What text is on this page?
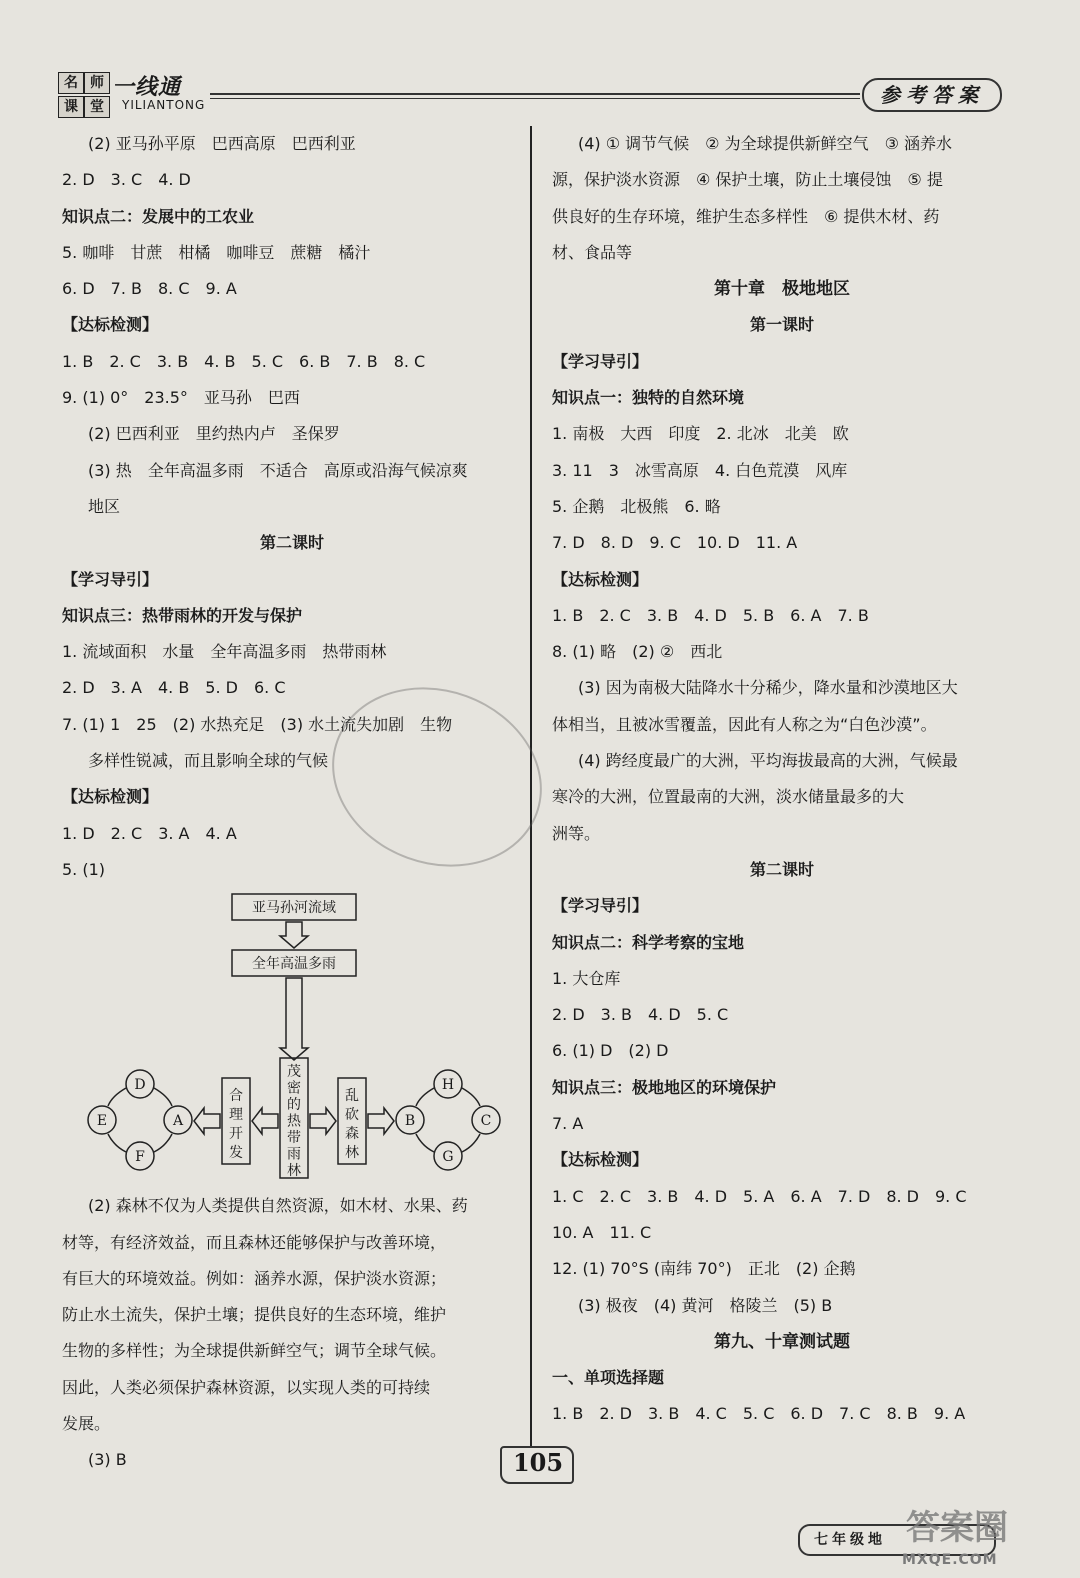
名 师
课 堂
一线通
YILIANTONG	参考答案
(2) 亚马孙平原　巴西高原　巴西利亚
2. D　3. C　4. D
知识点二：发展中的工农业
5. 咖啡　甘蔗　柑橘　咖啡豆　蔗糖　橘汁
6. D　7. B　8. C　9. A
【达标检测】
1. B　2. C　3. B　4. B　5. C　6. B　7. B　8. C
9. (1) 0°　23.5°　亚马孙　巴西
(2) 巴西利亚　里约热内卢　圣保罗
(3) 热　全年高温多雨　不适合　高原或沿海气候凉爽
地区
第二课时
【学习导引】
知识点三：热带雨林的开发与保护
1. 流域面积　水量　全年高温多雨　热带雨林
2. D　3. A　4. B　5. D　6. C
7. (1) 1　25　(2) 水热充足　(3) 水土流失加剧　生物
多样性锐减，而且影响全球的气候
【达标检测】
1. D　2. C　3. A　4. A
5. (1)
亚马孙河流域
全年高温多雨
D
E	A
F
H
B	C
G
茂
密
的
热
带
雨
林
合
理
开
发
乱
砍
森
林
(2) 森林不仅为人类提供自然资源，如木材、水果、药
材等，有经济效益，而且森林还能够保护与改善环境，
有巨大的环境效益。例如：涵养水源，保护淡水资源；
防止水土流失，保护土壤；提供良好的生态环境，维护
生物的多样性；为全球提供新鲜空气；调节全球气候。
因此，人类必须保护森林资源，以实现人类的可持续
发展。
(3) B
(4) ① 调节气候　② 为全球提供新鲜空气　③ 涵养水
源，保护淡水资源　④ 保护土壤，防止土壤侵蚀　⑤ 提
供良好的生存环境，维护生态多样性　⑥ 提供木材、药
材、食品等
第十章　极地地区
第一课时
【学习导引】
知识点一：独特的自然环境
1. 南极　大西　印度　2. 北冰　北美　欧
3. 11　3　冰雪高原　4. 白色荒漠　风库
5. 企鹅　北极熊　6. 略
7. D　8. D　9. C　10. D　11. A
【达标检测】
1. B　2. C　3. B　4. D　5. B　6. A　7. B
8. (1) 略　(2) ②　西北
(3) 因为南极大陆降水十分稀少，降水量和沙漠地区大
体相当，且被冰雪覆盖，因此有人称之为“白色沙漠”。
(4) 跨经度最广的大洲，平均海拔最高的大洲，气候最
寒冷的大洲，位置最南的大洲，淡水储量最多的大
洲等。
第二课时
【学习导引】
知识点二：科学考察的宝地
1. 大仓库
2. D　3. B　4. D　5. C
6. (1) D　(2) D
知识点三：极地地区的环境保护
7. A
【达标检测】
1. C　2. C　3. B　4. D　5. A　6. A　7. D　8. D　9. C
10. A　11. C
12. (1) 70°S (南纬 70°)　正北　(2) 企鹅
(3) 极夜　(4) 黄河　格陵兰　(5) B
第九、十章测试题
一、单项选择题
1. B　2. D　3. B　4. C　5. C　6. D　7. C　8. B　9. A
105
七年级地 答案圈
MXQE.COM
